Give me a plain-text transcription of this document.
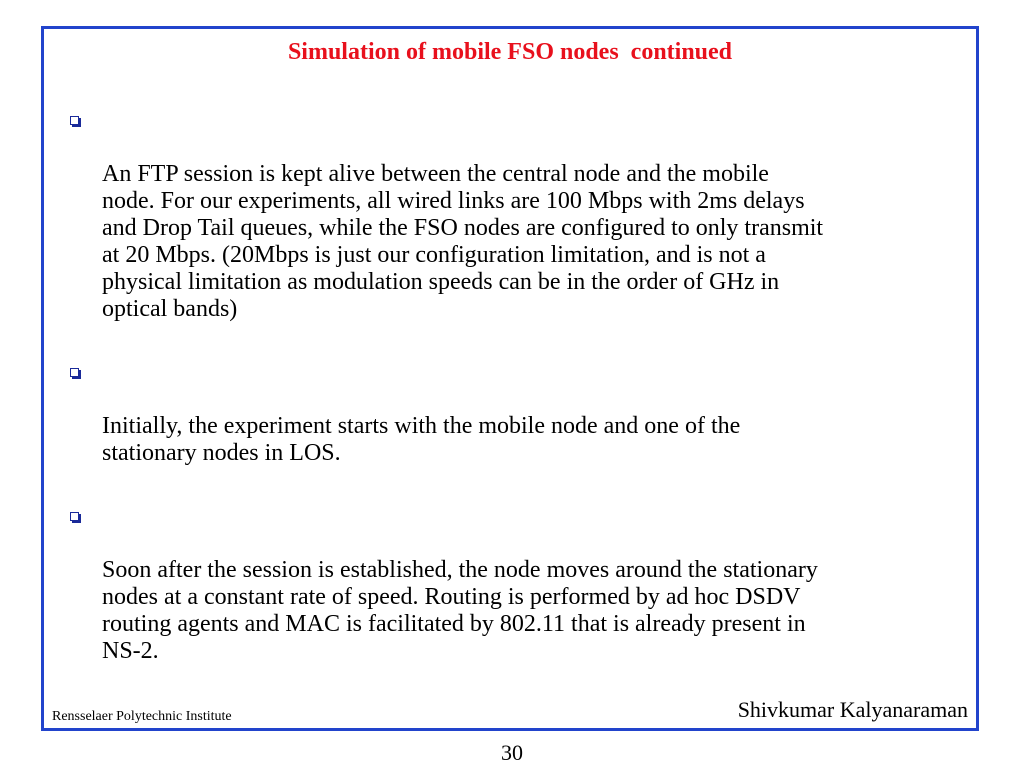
Simulation of mobile FSO nodes  continued

An FTP session is kept alive between the central node and the mobile
node. For our experiments, all wired links are 100 Mbps with 2ms delays
and Drop Tail queues, while the FSO nodes are configured to only transmit
at 20 Mbps. (20Mbps is just our configuration limitation, and is not a
physical limitation as modulation speeds can be in the order of GHz in
optical bands)

Initially, the experiment starts with the mobile node and one of the
stationary nodes in LOS.

Soon after the session is established, the node moves around the stationary
nodes at a constant rate of speed. Routing is performed by ad hoc DSDV
routing agents and MAC is facilitated by 802.11 that is already present in
NS-2.

Rensselaer Polytechnic Institute	Shivkumar Kalyanaraman
30
